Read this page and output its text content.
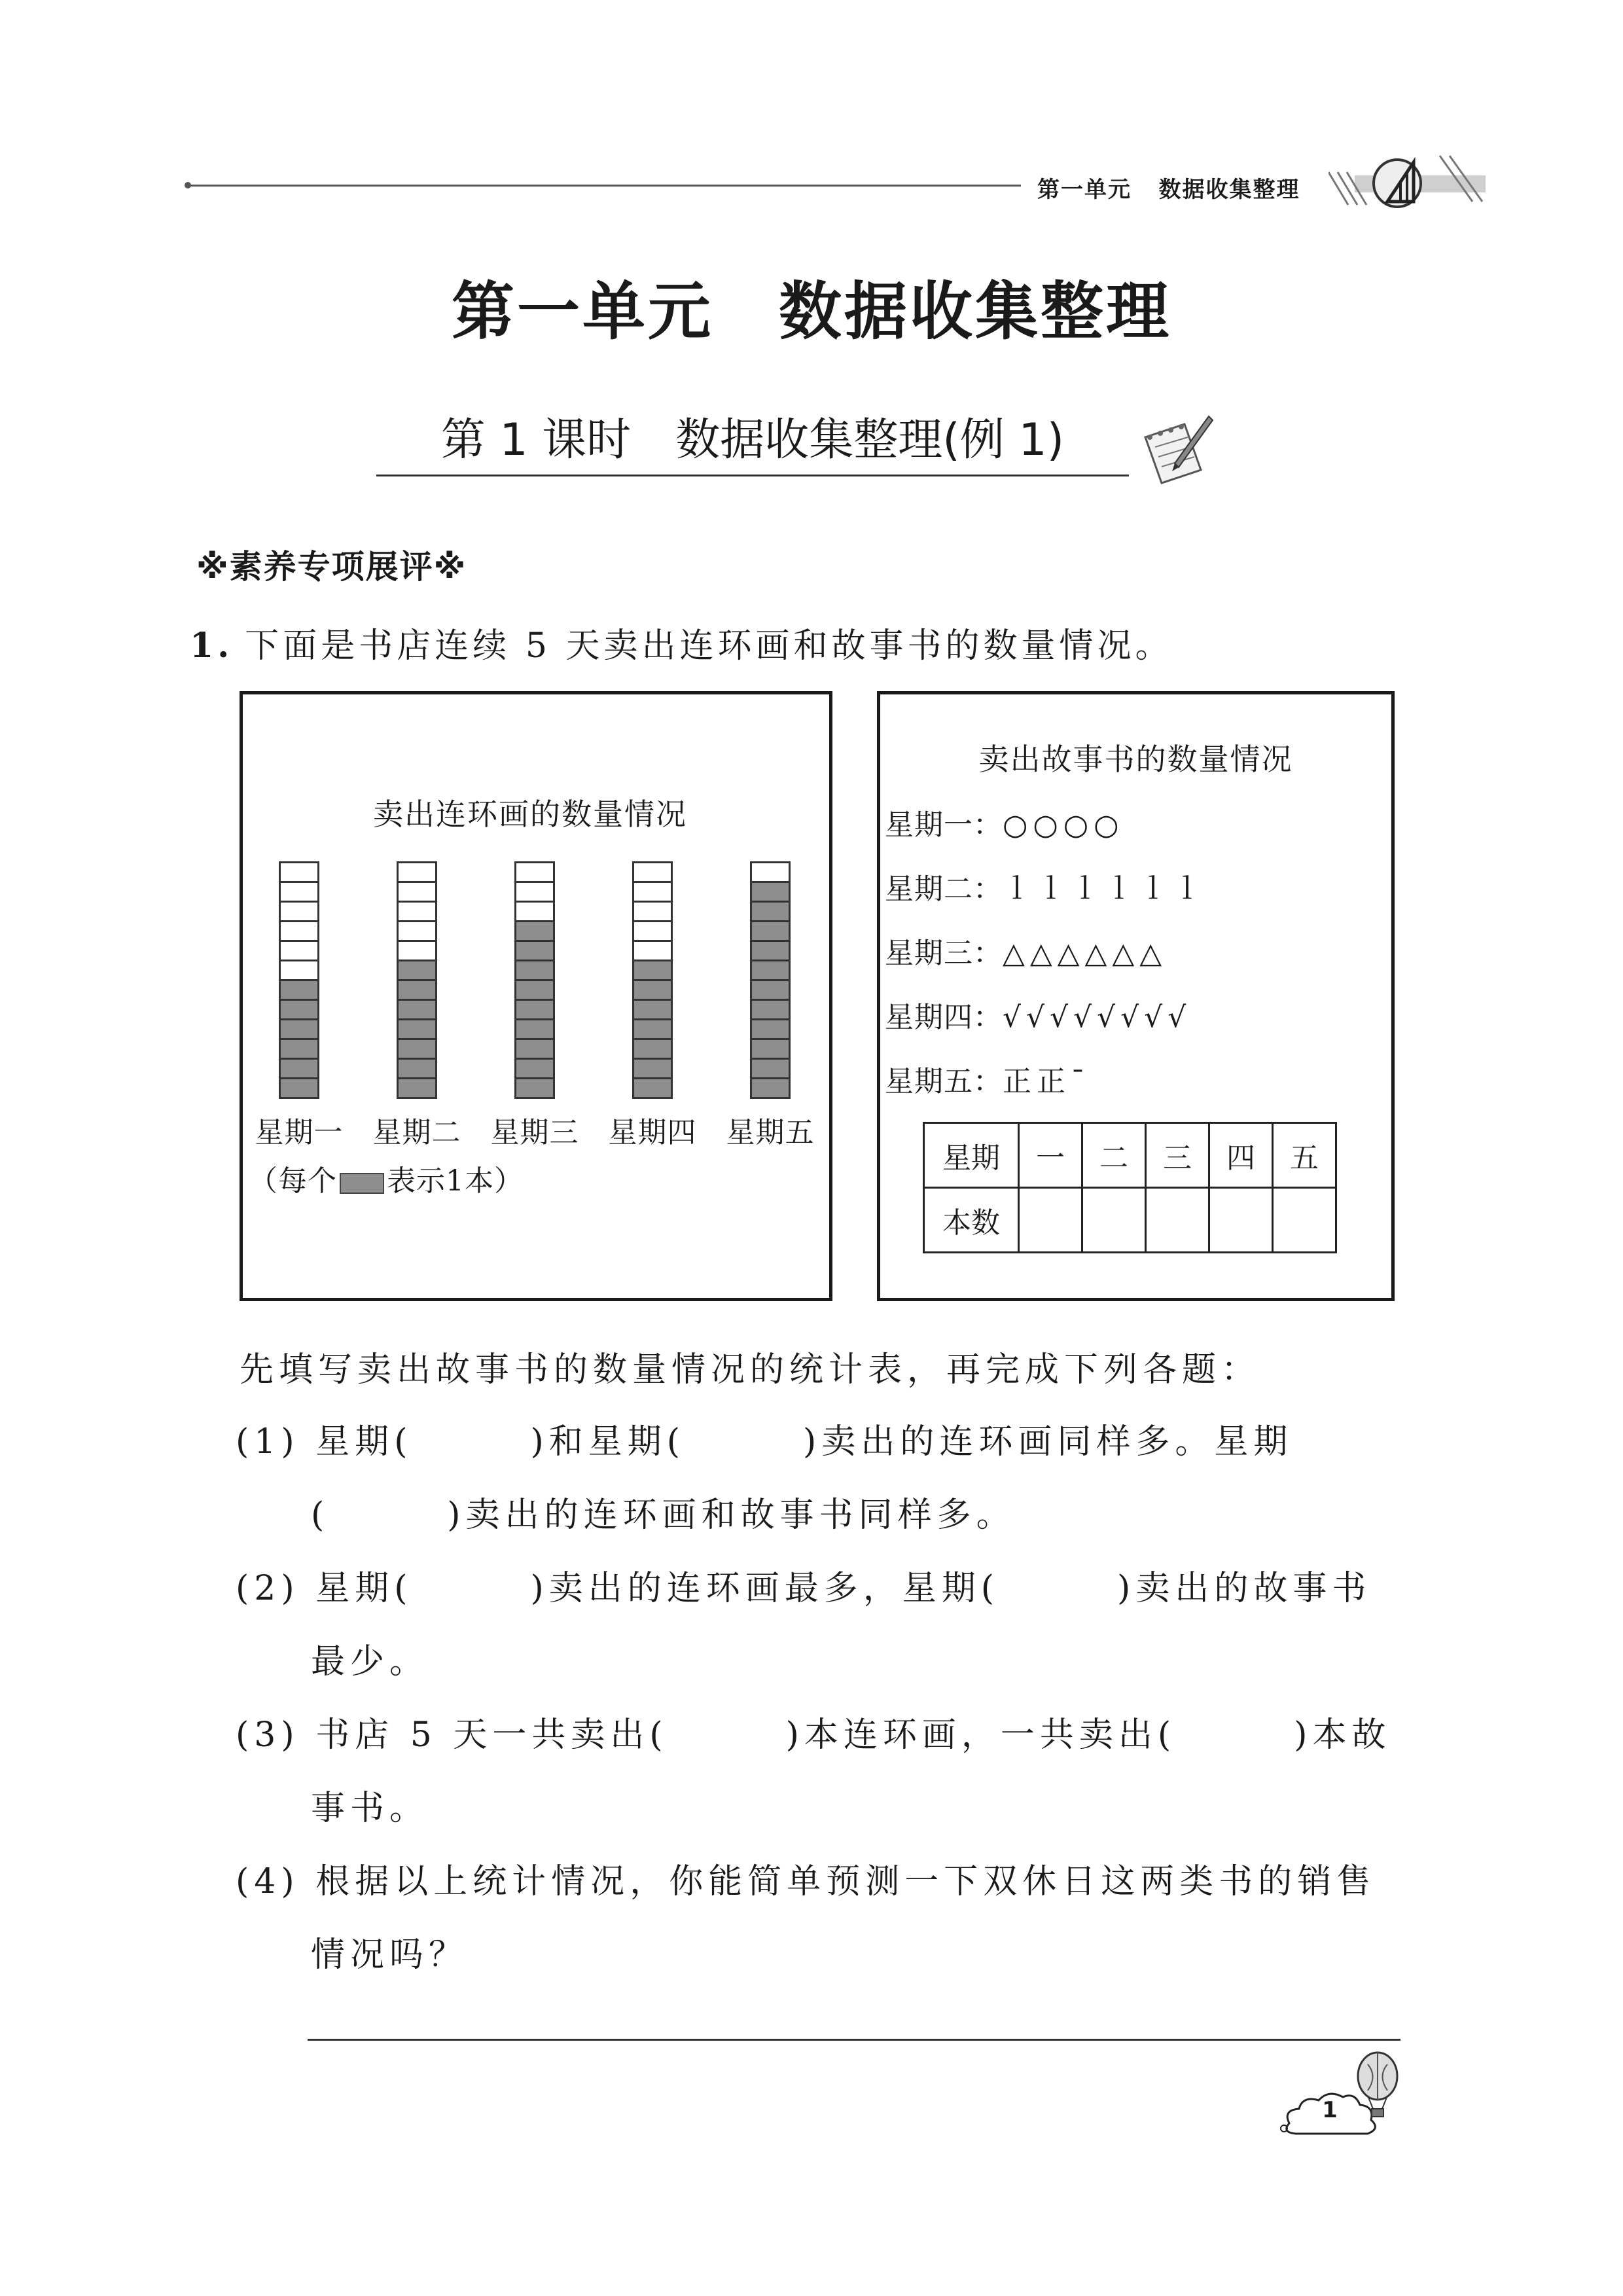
第一单元 数据收集整理
第一单元　数据收集整理
第 1 课时　数据收集整理(例 1)
※素养专项展评※
1. 下面是书店连续 5 天卖出连环画和故事书的数量情况。
卖出连环画的数量情况
星期一	星期二	星期三	星期四	星期五
（每个 表示1本）
卖出故事书的数量情况
星期一：○○○○
星期二：ｌｌｌｌｌｌ
星期三：△△△△△△
星期四：√√√√√√√√
星期五：正正ˉ
星期	一	二	三	四	五
本数					
先填写卖出故事书的数量情况的统计表，再完成下列各题：
(1) 星期(　　　)和星期(　　　)卖出的连环画同样多。星期
(　　　)卖出的连环画和故事书同样多。
(2) 星期(　　　)卖出的连环画最多，星期(　　　)卖出的故事书
最少。
(3) 书店 5 天一共卖出(　　　)本连环画，一共卖出(　　　)本故
事书。
(4) 根据以上统计情况，你能简单预测一下双休日这两类书的销售
情况吗？
1
